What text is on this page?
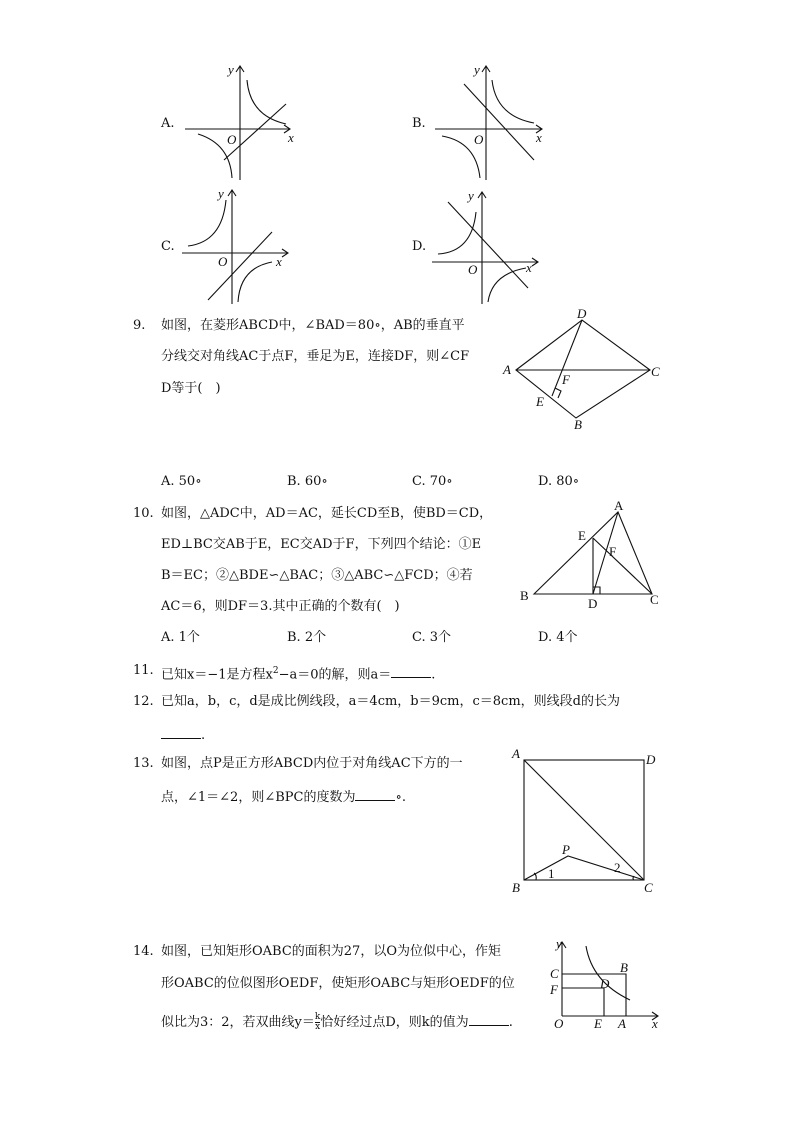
A.
O
y
x
B.
O
y
x
C.
O
y
x
D.
O
y
x
9. 如图，在菱形ABCD中，∠BAD＝80∘，AB的垂直平
分线交对角线AC于点F，垂足为E，连接DF，则∠CF
D等于(　)
D
A	C
F
E
B
A. 50∘	B. 60∘	C. 70∘	D. 80∘
10. 如图，△ADC中，AD＝AC，延长CD至B，使BD＝CD，
ED⊥BC交AB于E，EC交AD于F，下列四个结论：①E
B＝EC；②△BDE∽△BAC；③△ABC∽△FCD；④若
AC＝6，则DF＝3.其中正确的个数有(　)
A
E
F
B
D	C
A. 1个	B. 2个	C. 3个	D. 4个
11. 已知x＝−1是方程$x^2-a=0$的解，则a＝	.
12. 已知a，b，c，d是成比例线段，a＝4cm，b＝9cm，c＝8cm，则线段d的长为
.
13. 如图，点P是正方形ABCD内位于对角线AC下方的一
点，∠1＝∠2，则∠BPC的度数为	∘.
A	D
P
1	2
B	C
14. 如图，已知矩形OABC的面积为27，以O为位似中心，作矩
形OABC的位似图形OEDF，使矩形OABC与矩形OEDF的位
似比为3：2，若双曲线$y= \frac{k}{x}$ 恰好经过点D，则k的值为	.
y
x
O	A
E
C
F
B
D
